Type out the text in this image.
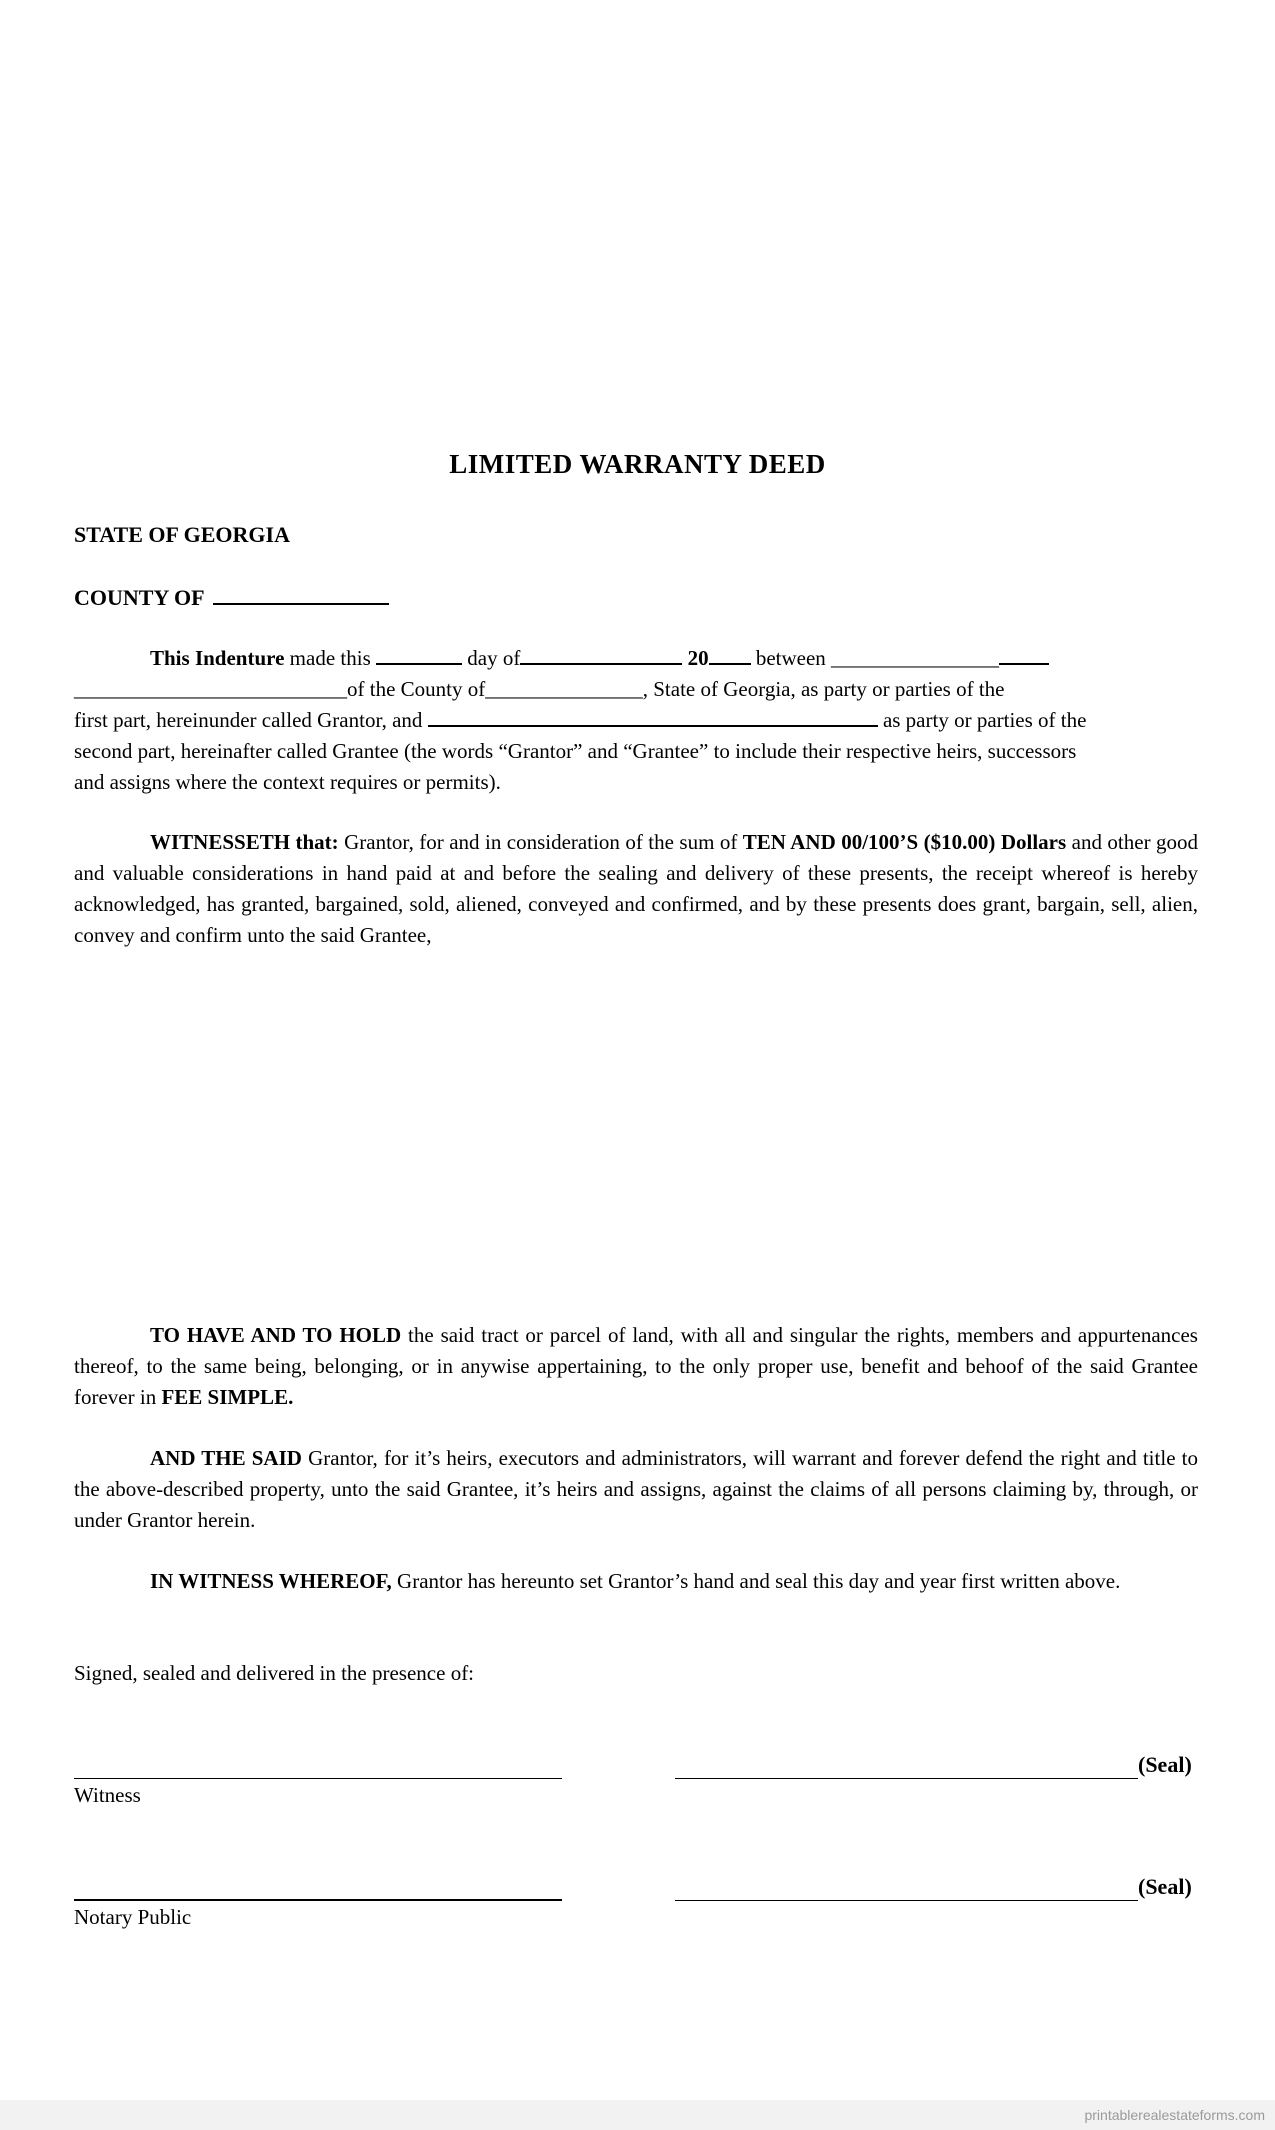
LIMITED WARRANTY DEED
STATE OF GEORGIA
COUNTY OF
This Indenture made this	day of	20 between ________________
__________________________of the County of_______________, State of Georgia, as party or parties of the
first part, hereinunder called Grantor, and	as party or parties of the
second part, hereinafter called Grantee (the words “Grantor” and “Grantee” to include their respective heirs, successors
and assigns where the context requires or permits).
WITNESSETH that: Grantor, for and in consideration of the sum of TEN AND 00/100’S ($10.00) Dollars and other good and valuable considerations in hand paid at and before the sealing and delivery of these presents, the receipt whereof is hereby acknowledged, has granted, bargained, sold, aliened, conveyed and confirmed, and by these presents does grant, bargain, sell, alien, convey and confirm unto the said Grantee,
TO HAVE AND TO HOLD the said tract or parcel of land, with all and singular the rights, members and appurtenances thereof, to the same being, belonging, or in anywise appertaining, to the only proper use, benefit and behoof of the said Grantee forever in FEE SIMPLE.
AND THE SAID Grantor, for it’s heirs, executors and administrators, will warrant and forever defend the right and title to the above-described property, unto the said Grantee, it’s heirs and assigns, against the claims of all persons claiming by, through, or under Grantor herein.
IN WITNESS WHEREOF, Grantor has hereunto set Grantor’s hand and seal this day and year first written above.
Signed, sealed and delivered in the presence of:
(Seal)
Witness
(Seal)
Notary Public
printablerealestateforms.com
